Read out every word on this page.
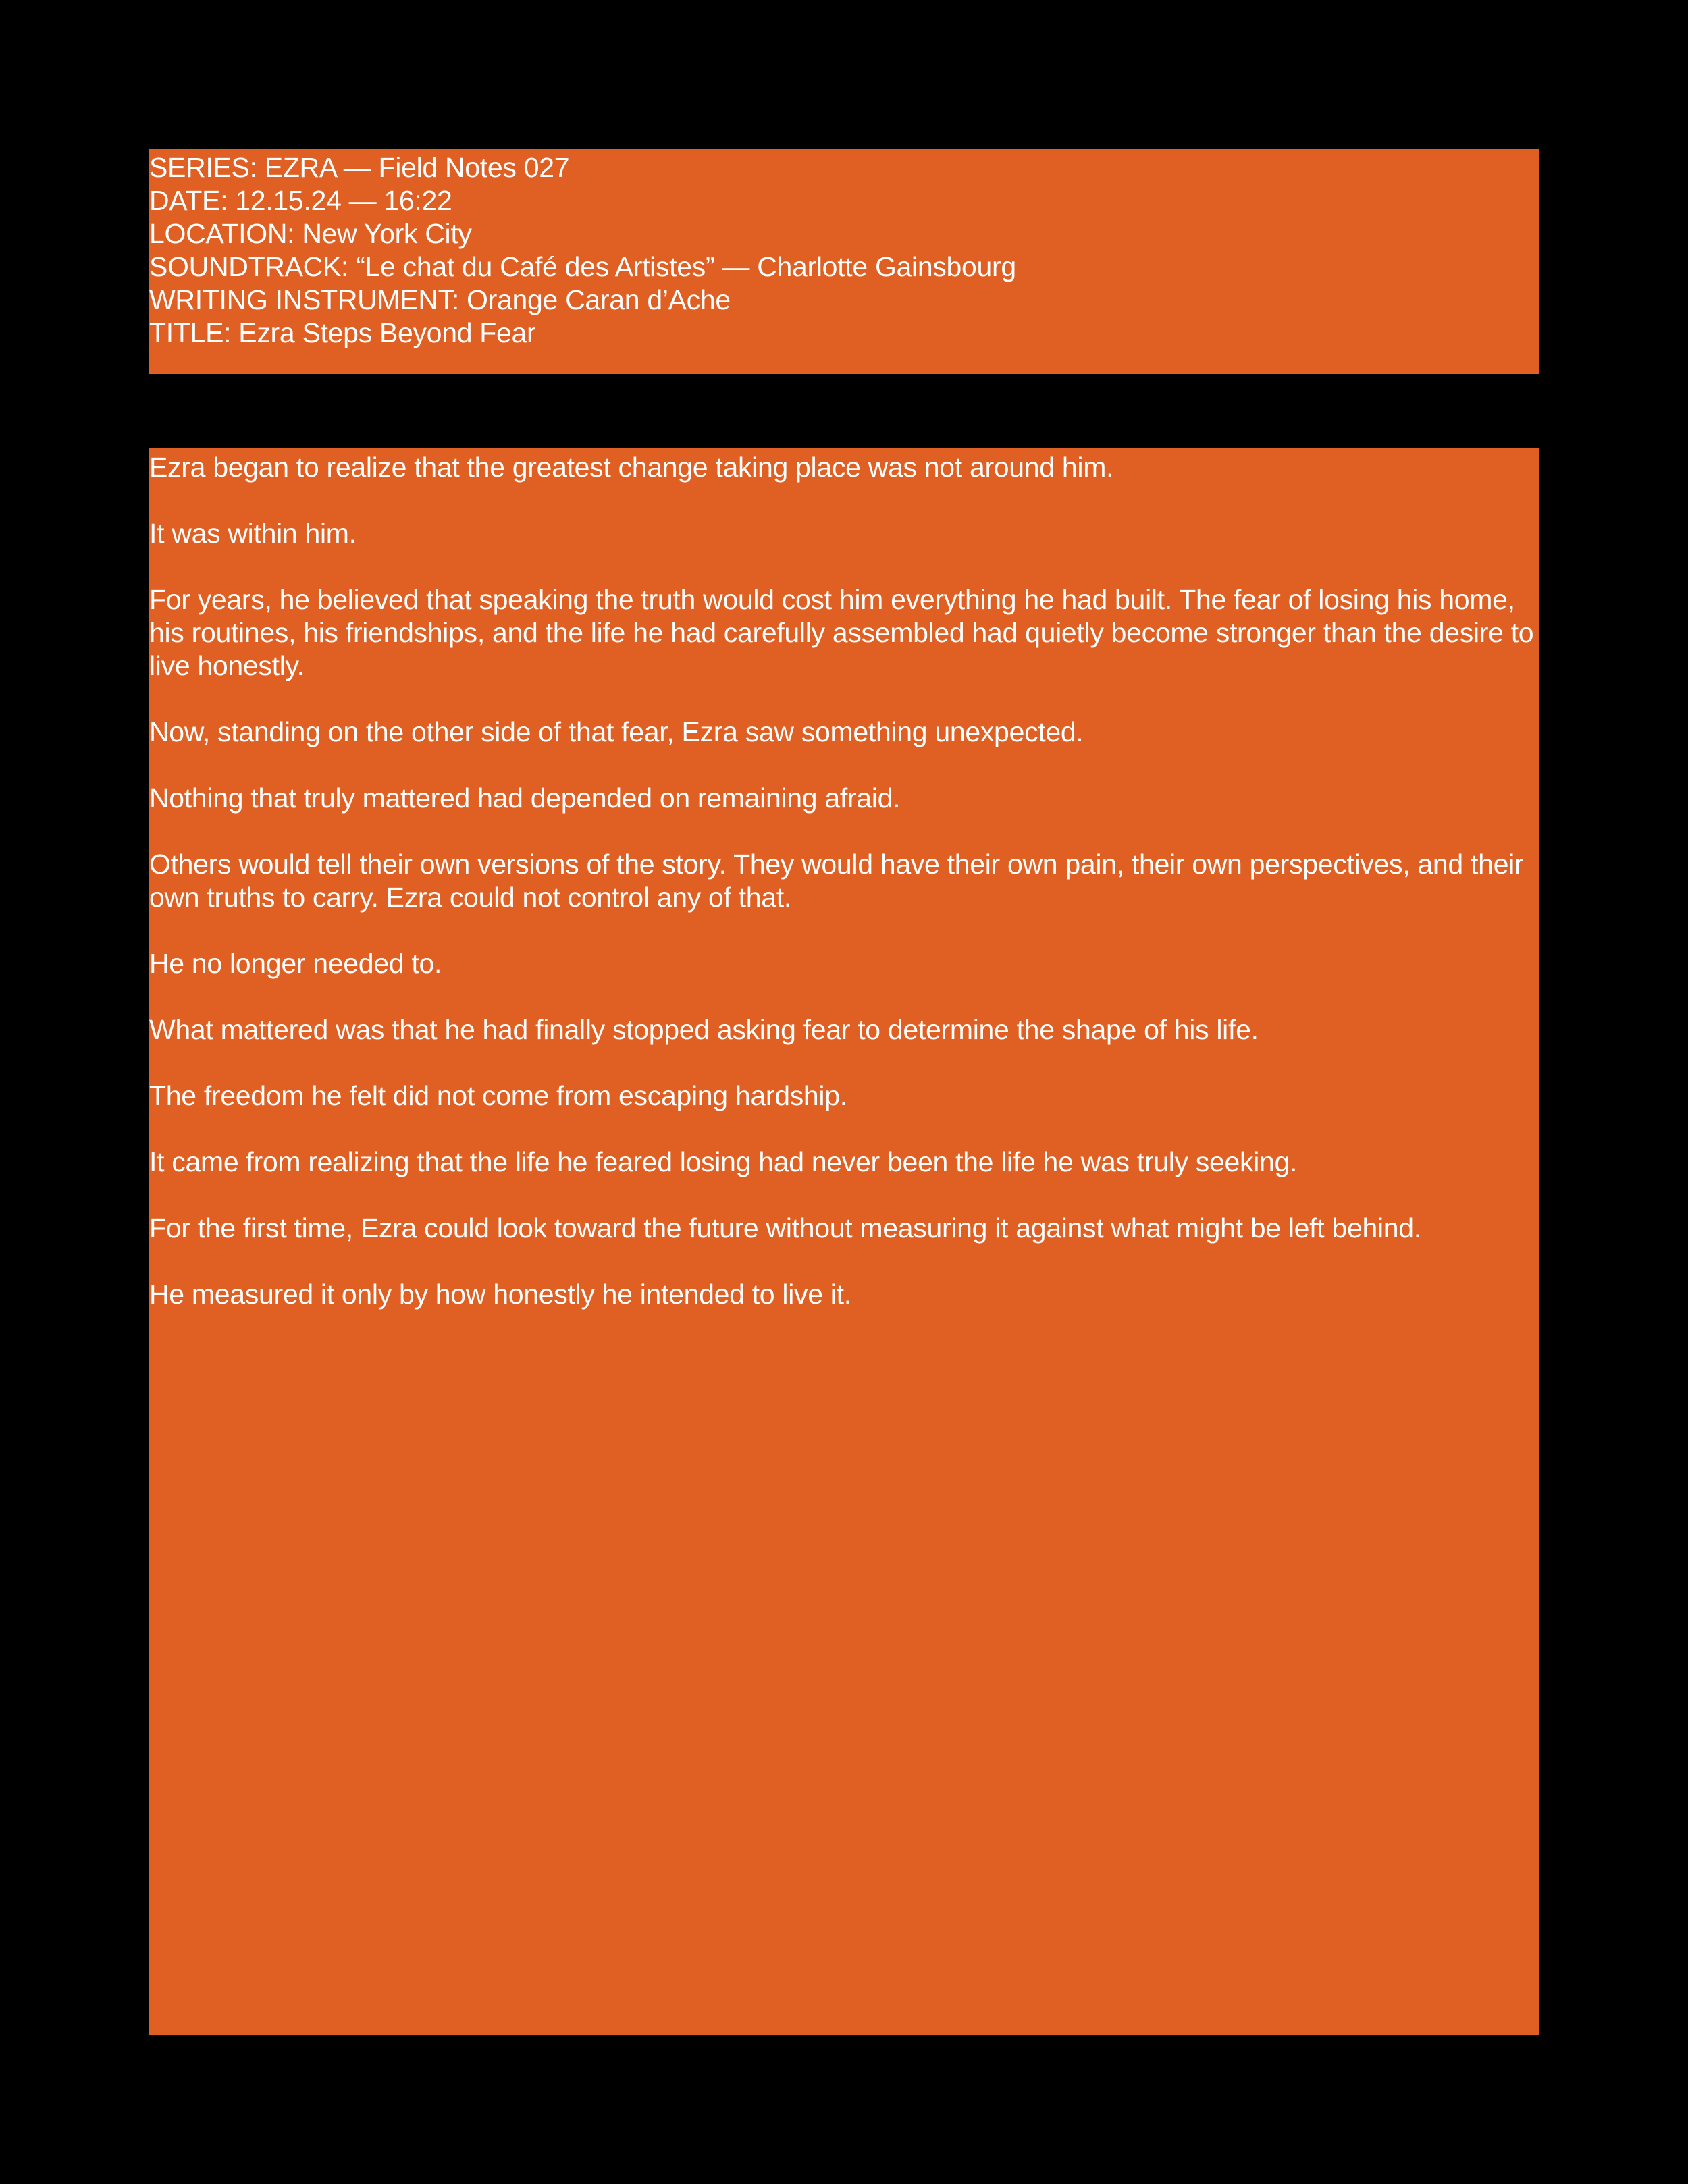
SERIES: EZRA — Field Notes 027
DATE: 12.15.24 — 16:22
LOCATION: New York City
SOUNDTRACK: “Le chat du Café des Artistes” — Charlotte Gainsbourg
WRITING INSTRUMENT: Orange Caran d’Ache
TITLE: Ezra Steps Beyond Fear

Ezra began to realize that the greatest change taking place was not around him.

It was within him.

For years, he believed that speaking the truth would cost him everything he had built. The fear of losing his home, his routines, his friendships, and the life he had carefully assembled had quietly become stronger than the desire to live honestly.

Now, standing on the other side of that fear, Ezra saw something unexpected.

Nothing that truly mattered had depended on remaining afraid.

Others would tell their own versions of the story. They would have their own pain, their own perspectives, and their own truths to carry. Ezra could not control any of that.

He no longer needed to.

What mattered was that he had finally stopped asking fear to determine the shape of his life.

The freedom he felt did not come from escaping hardship.

It came from realizing that the life he feared losing had never been the life he was truly seeking.

For the first time, Ezra could look toward the future without measuring it against what might be left behind.

He measured it only by how honestly he intended to live it.
